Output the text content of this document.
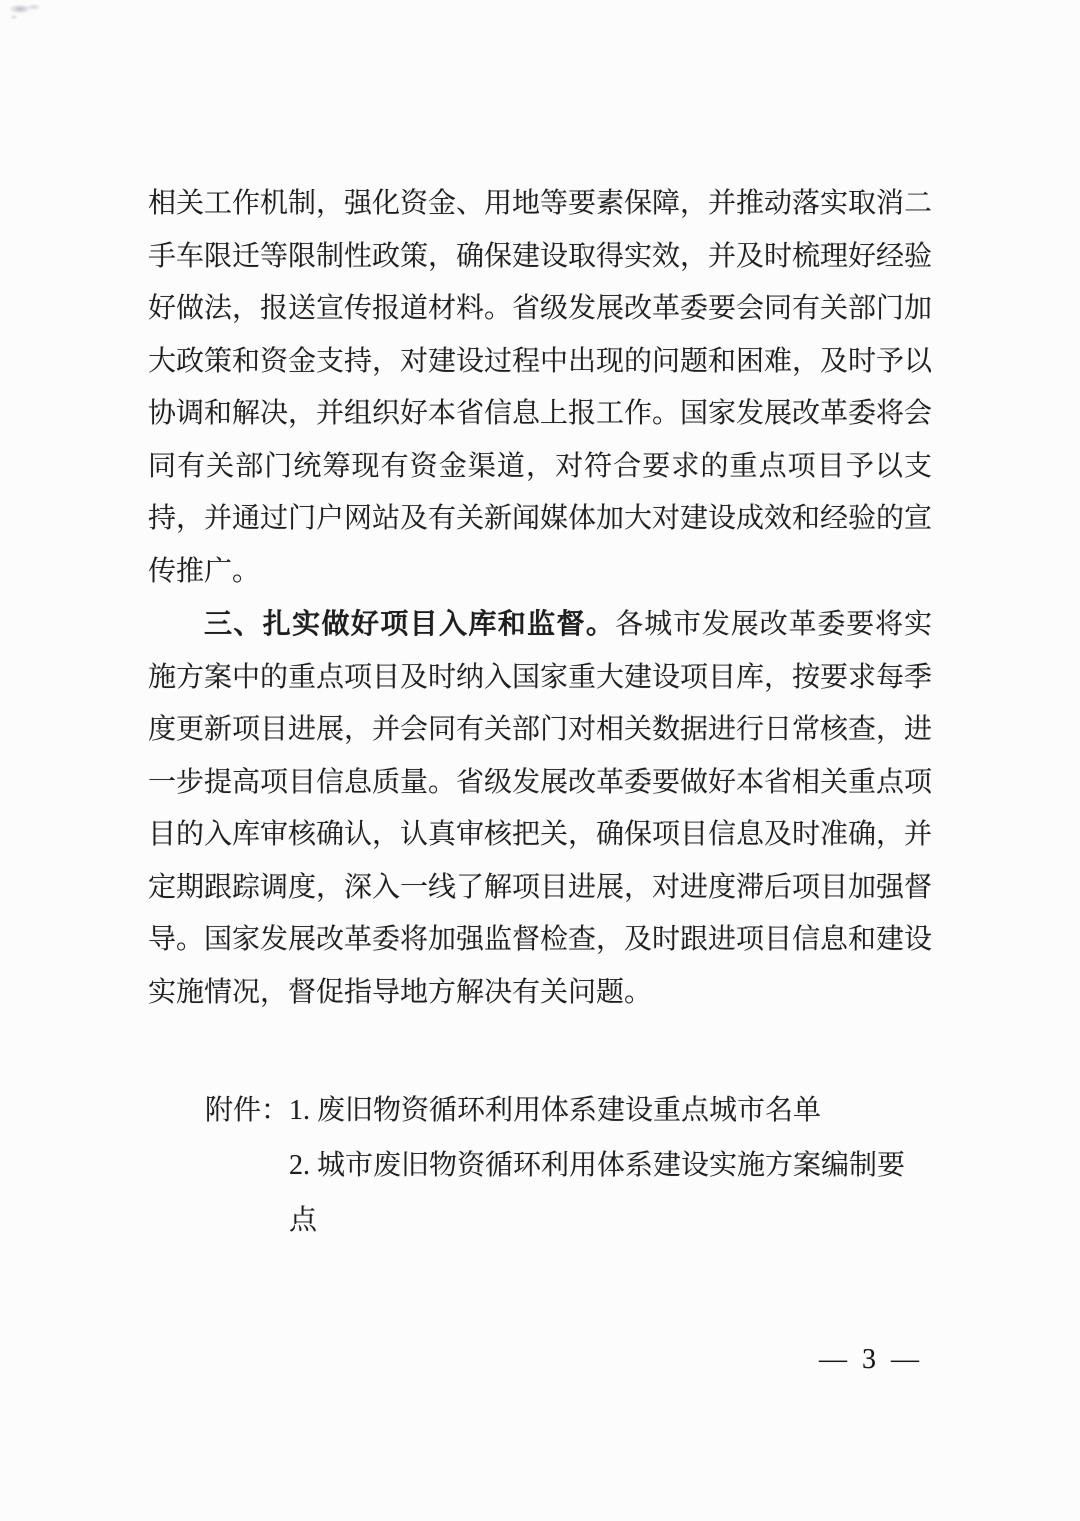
相关工作机制，强化资金、用地等要素保障，并推动落实取消二手车限迁等限制性政策，确保建设取得实效，并及时梳理好经验好做法，报送宣传报道材料。省级发展改革委要会同有关部门加大政策和资金支持，对建设过程中出现的问题和困难，及时予以协调和解决，并组织好本省信息上报工作。国家发展改革委将会同有关部门统筹现有资金渠道，对符合要求的重点项目予以支持，并通过门户网站及有关新闻媒体加大对建设成效和经验的宣传推广。

三、扎实做好项目入库和监督。各城市发展改革委要将实施方案中的重点项目及时纳入国家重大建设项目库，按要求每季度更新项目进展，并会同有关部门对相关数据进行日常核查，进一步提高项目信息质量。省级发展改革委要做好本省相关重点项目的入库审核确认，认真审核把关，确保项目信息及时准确，并定期跟踪调度，深入一线了解项目进展，对进度滞后项目加强督导。国家发展改革委将加强监督检查，及时跟进项目信息和建设实施情况，督促指导地方解决有关问题。

附件： 1. 废旧物资循环利用体系建设重点城市名单
2. 城市废旧物资循环利用体系建设实施方案编制要点
— 3 —
